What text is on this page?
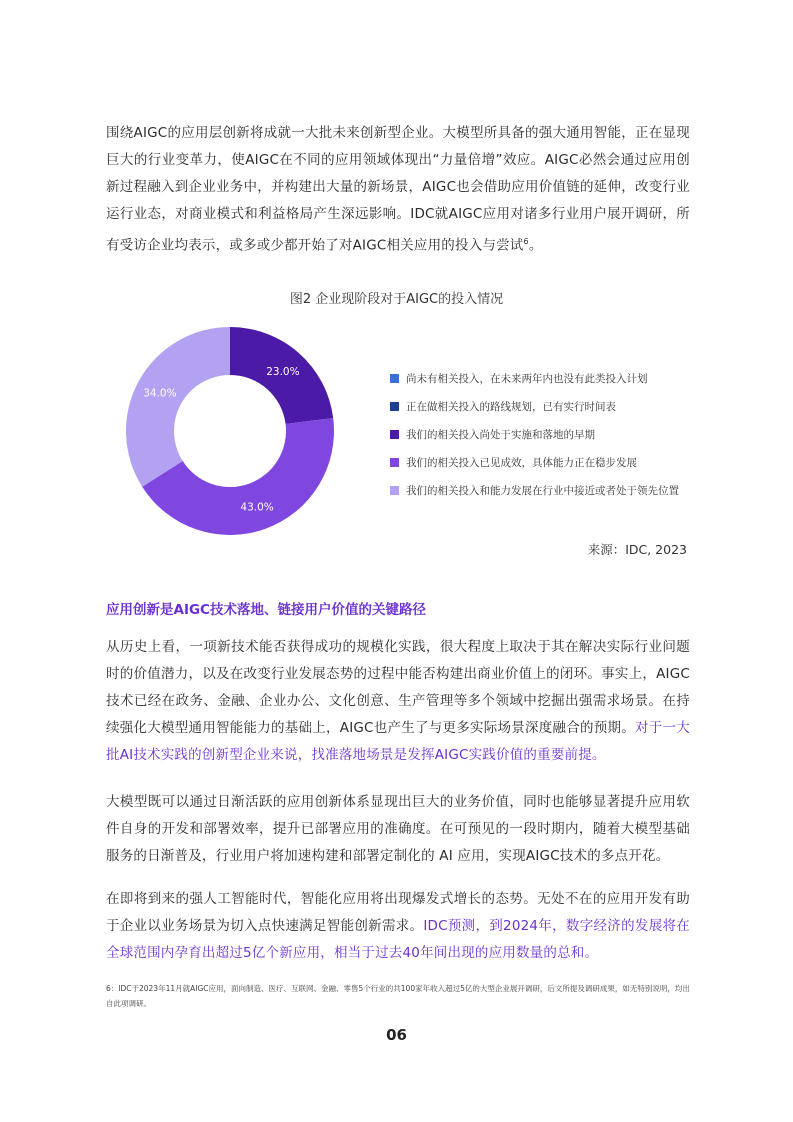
围绕AIGC的应用层创新将成就一大批未来创新型企业。大模型所具备的强大通用智能，正在显现巨大的行业变革力，使AIGC在不同的应用领域体现出“力量倍增”效应。AIGC必然会通过应用创新过程融入到企业业务中，并构建出大量的新场景，AIGC也会借助应用价值链的延伸，改变行业运行业态，对商业模式和利益格局产生深远影响。IDC就AIGC应用对诸多行业用户展开调研，所有受访企业均表示，或多或少都开始了对AIGC相关应用的投入与尝试$^6$。

图2 企业现阶段对于AIGC的投入情况
23.0%
43.0%
34.0%
尚未有相关投入，在未来两年内也没有此类投入计划
正在做相关投入的路线规划，已有实行时间表
我们的相关投入尚处于实施和落地的早期
我们的相关投入已见成效，具体能力正在稳步发展
我们的相关投入和能力发展在行业中接近或者处于领先位置
来源：IDC, 2023
应用创新是AIGC技术落地、链接用户价值的关键路径

从历史上看，一项新技术能否获得成功的规模化实践，很大程度上取决于其在解决实际行业问题时的价值潜力，以及在改变行业发展态势的过程中能否构建出商业价值上的闭环。事实上，AIGC技术已经在政务、金融、企业办公、文化创意、生产管理等多个领域中挖掘出强需求场景。在持续强化大模型通用智能能力的基础上，AIGC也产生了与更多实际场景深度融合的预期。对于一大批AI技术实践的创新型企业来说，找准落地场景是发挥AIGC实践价值的重要前提。

大模型既可以通过日渐活跃的应用创新体系显现出巨大的业务价值，同时也能够显著提升应用软件自身的开发和部署效率，提升已部署应用的准确度。在可预见的一段时期内，随着大模型基础服务的日渐普及，行业用户将加速构建和部署定制化的 AI 应用，实现AIGC技术的多点开花。

在即将到来的强人工智能时代，智能化应用将出现爆发式增长的态势。无处不在的应用开发有助于企业以业务场景为切入点快速满足智能创新需求。IDC预测，到2024年，数字经济的发展将在全球范围内孕育出超过5亿个新应用，相当于过去40年间出现的应用数量的总和。

6：IDC于2023年11月就AIGC应用，面向制造、医疗、互联网、金融、零售5个行业的共100家年收入超过5亿的大型企业展开调研，后文所提及调研成果，如无特别说明，均出自此项调研。
06
